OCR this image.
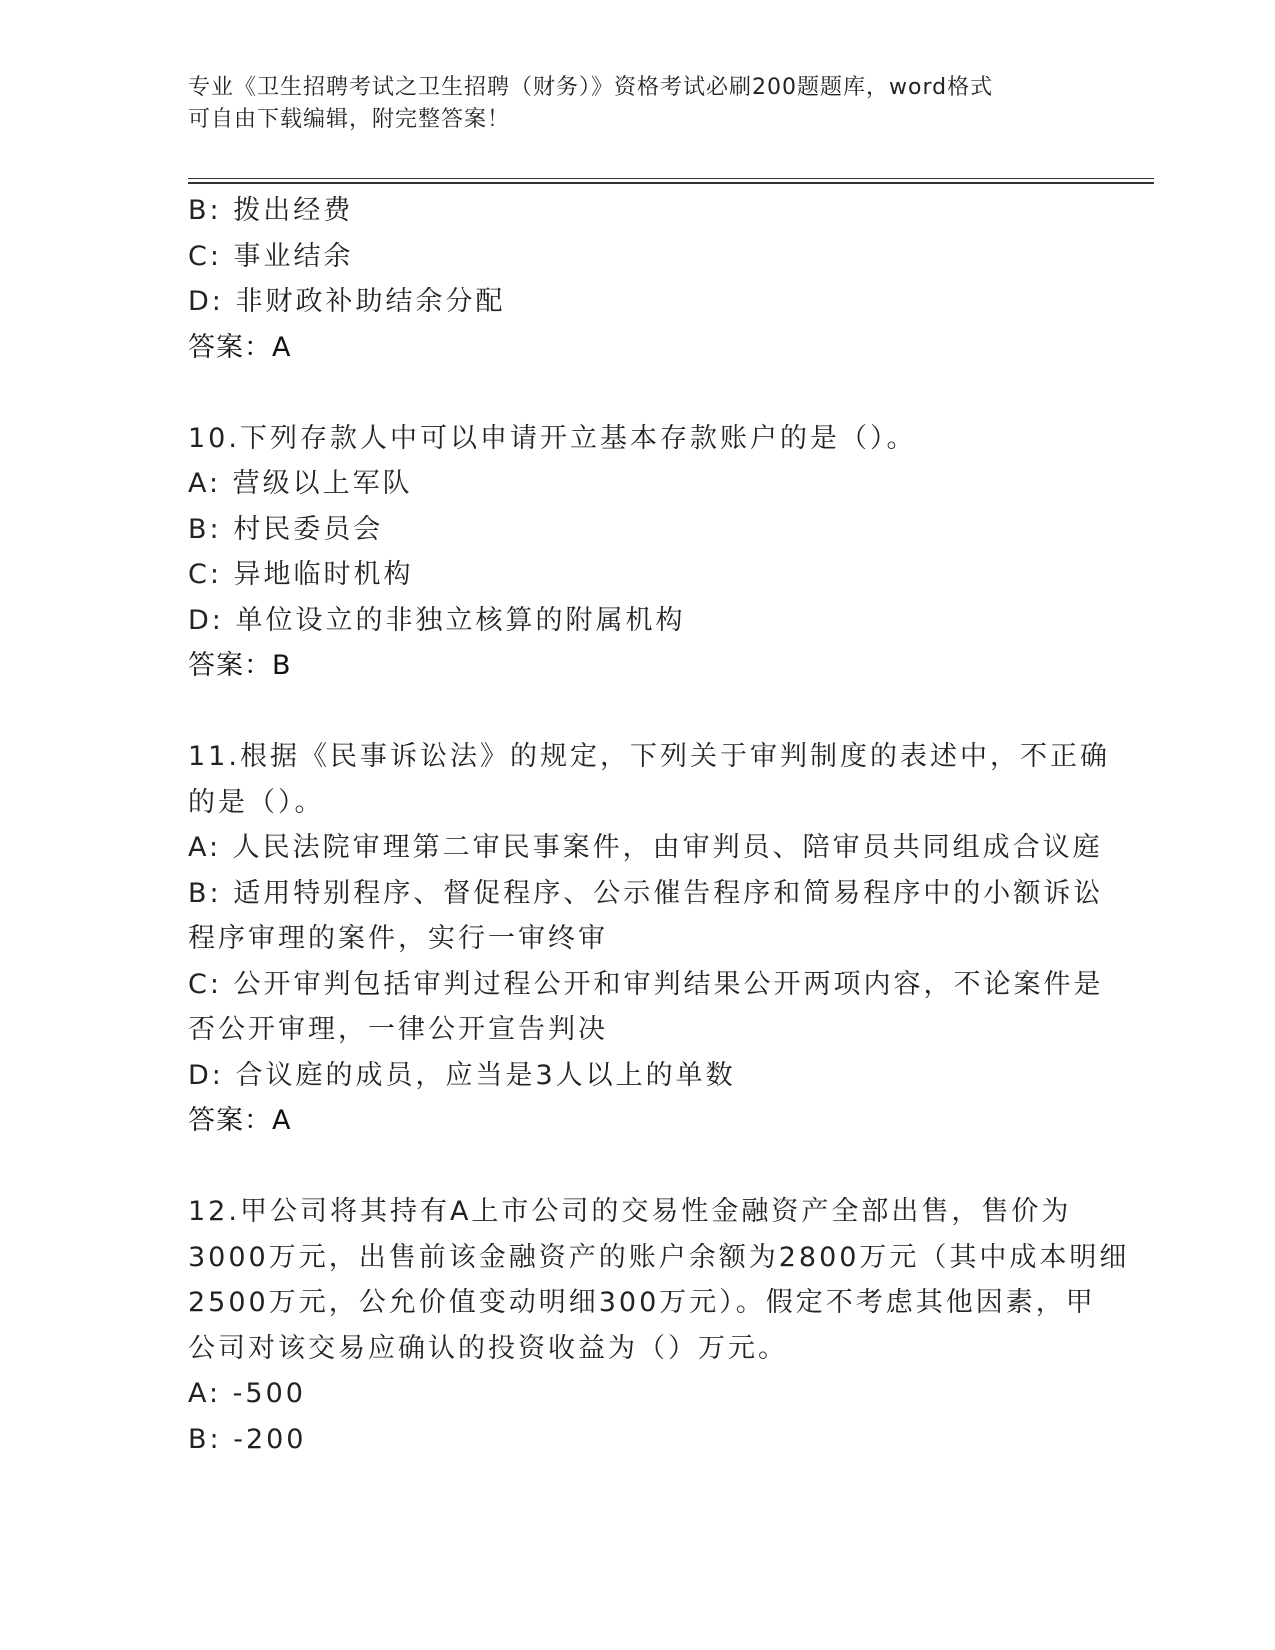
专业《卫生招聘考试之卫生招聘（财务）》资格考试必刷200题题库，word格式
可自由下载编辑，附完整答案！
B: 拨出经费
C: 事业结余
D: 非财政补助结余分配
答案：A
10.下列存款人中可以申请开立基本存款账户的是（）。
A: 营级以上军队
B: 村民委员会
C: 异地临时机构
D: 单位设立的非独立核算的附属机构
答案：B
11.根据《民事诉讼法》的规定，下列关于审判制度的表述中，不正确
的是（）。
A: 人民法院审理第二审民事案件，由审判员、陪审员共同组成合议庭
B: 适用特别程序、督促程序、公示催告程序和简易程序中的小额诉讼
程序审理的案件，实行一审终审
C: 公开审判包括审判过程公开和审判结果公开两项内容，不论案件是
否公开审理，一律公开宣告判决
D: 合议庭的成员，应当是3人以上的单数
答案：A
12.甲公司将其持有A上市公司的交易性金融资产全部出售，售价为
3000万元，出售前该金融资产的账户余额为2800万元（其中成本明细
2500万元，公允价值变动明细300万元）。假定不考虑其他因素，甲
公司对该交易应确认的投资收益为（）万元。
A: -500
B: -200
